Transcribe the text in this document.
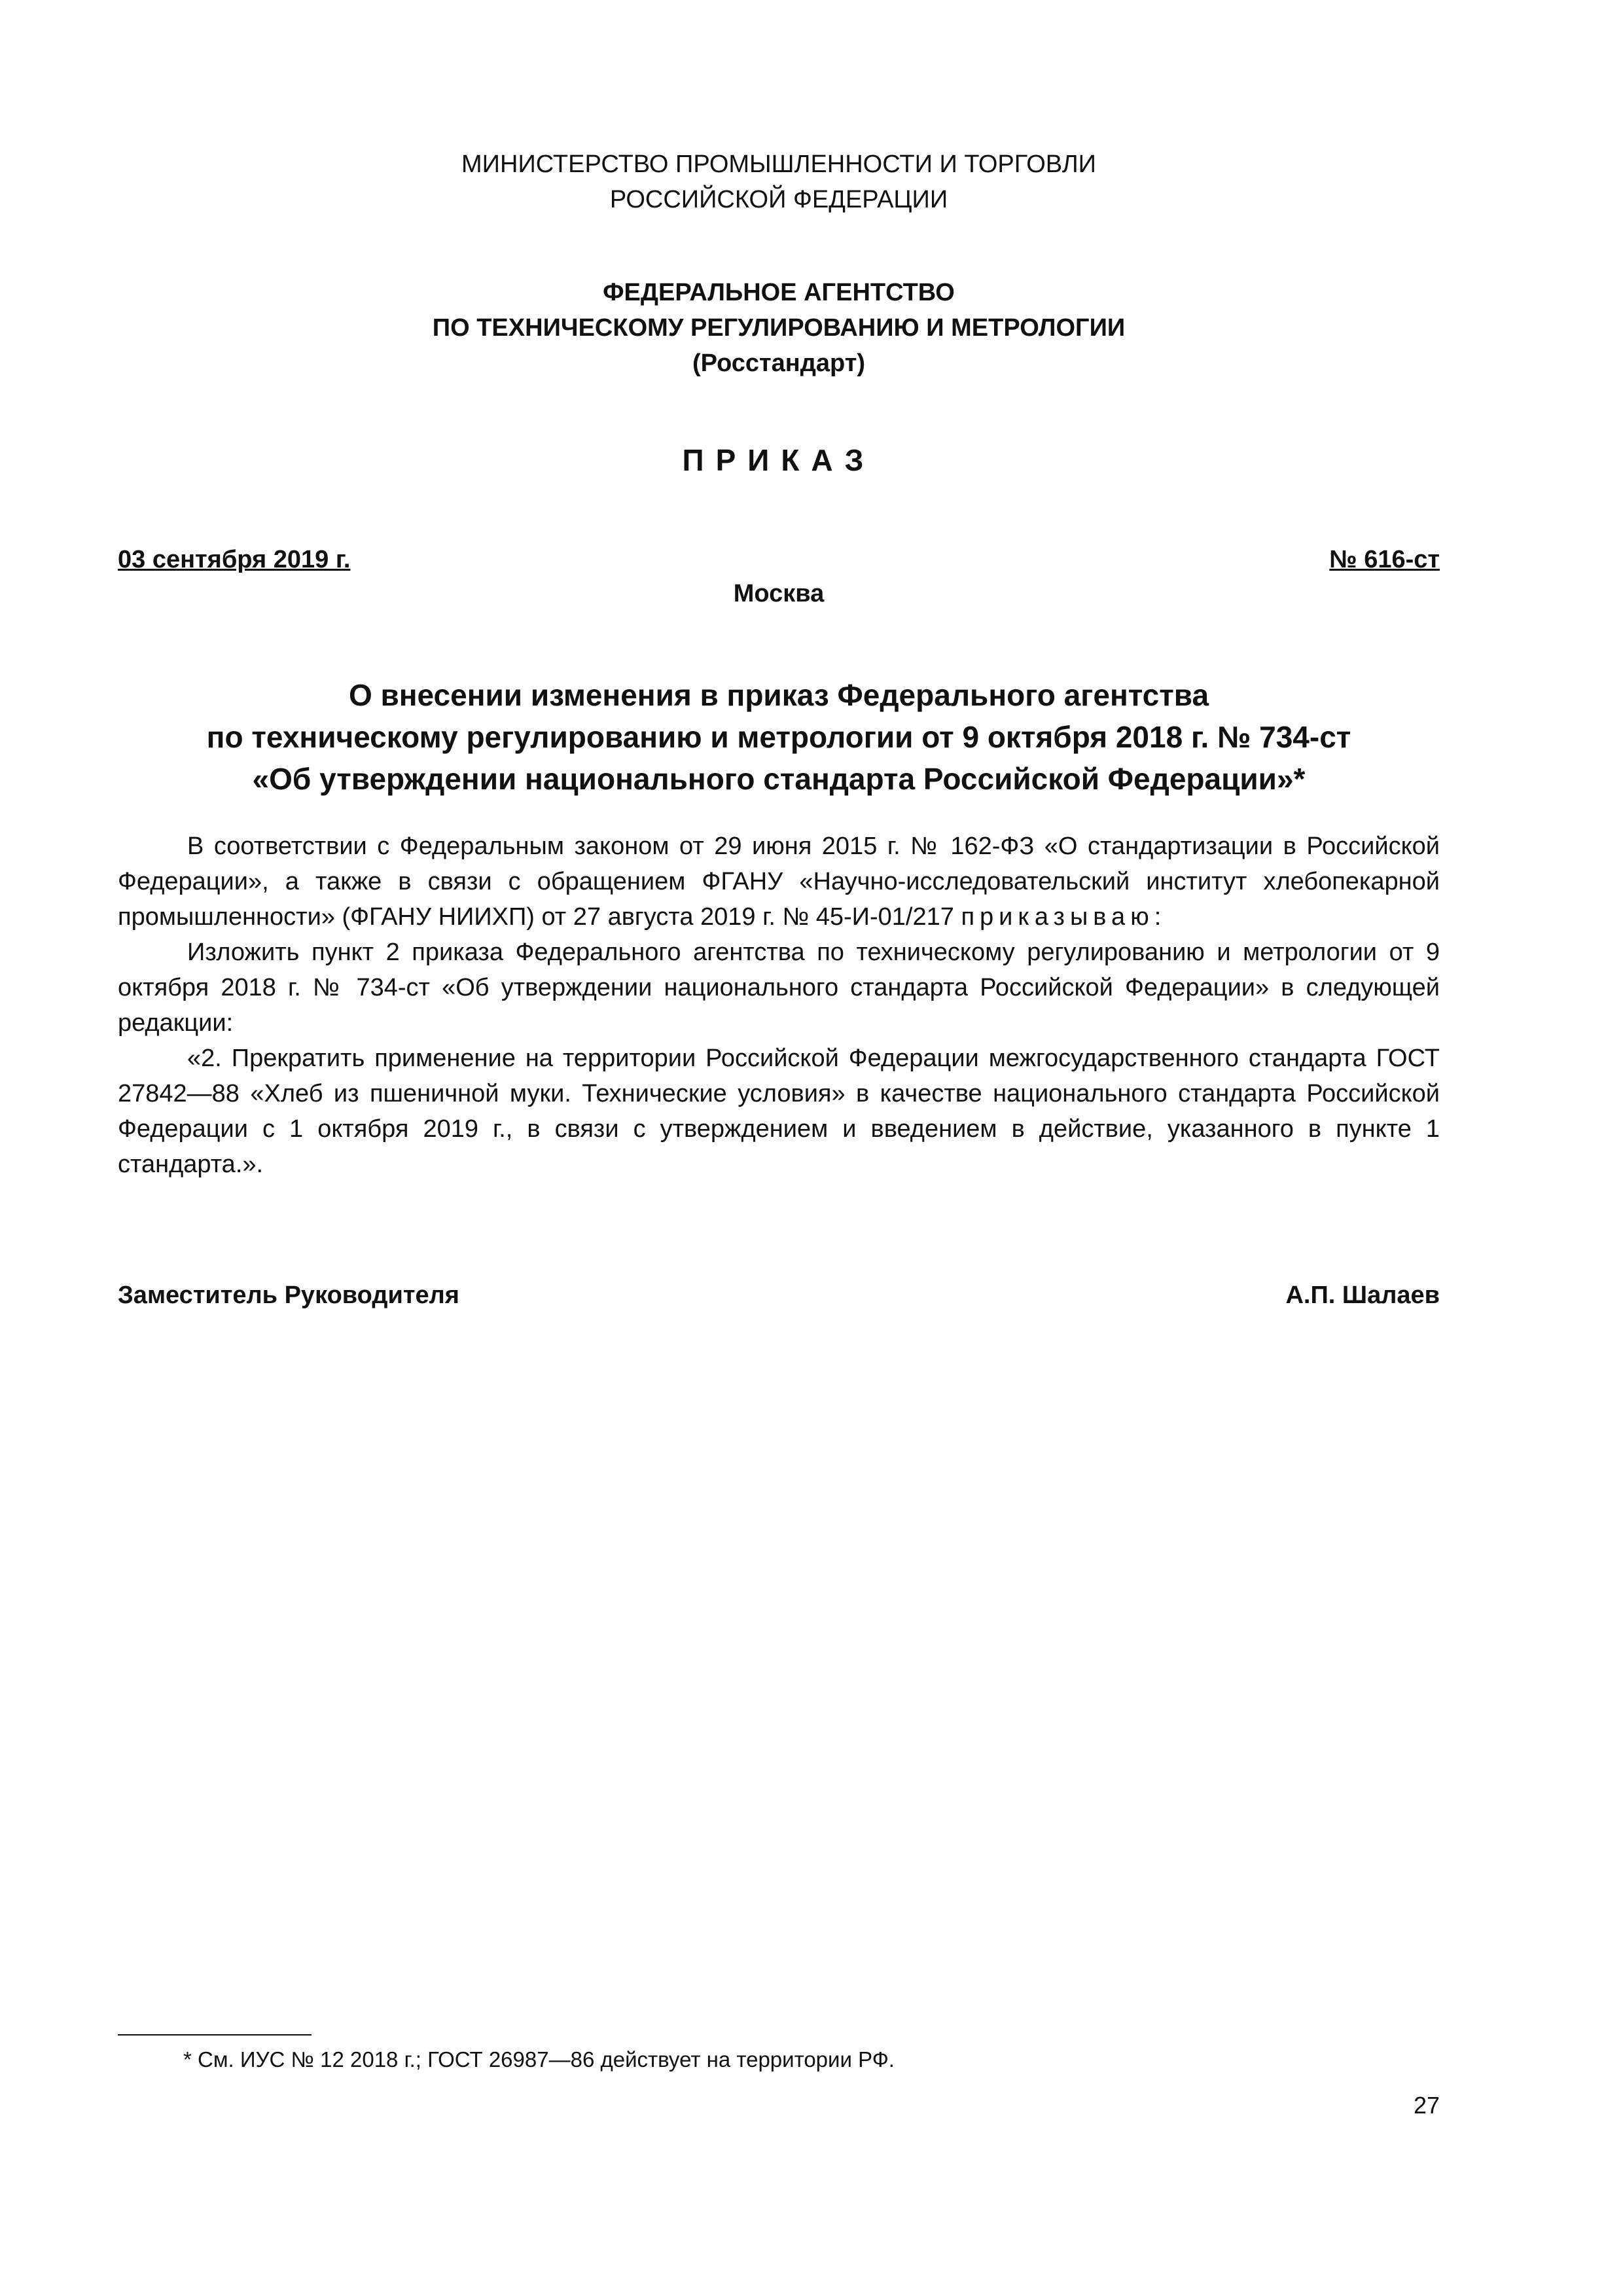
МИНИСТЕРСТВО ПРОМЫШЛЕННОСТИ И ТОРГОВЛИ
РОССИЙСКОЙ ФЕДЕРАЦИИ
ФЕДЕРАЛЬНОЕ АГЕНТСТВО
ПО ТЕХНИЧЕСКОМУ РЕГУЛИРОВАНИЮ И МЕТРОЛОГИИ
(Росстандарт)
ПРИКАЗ
03 сентября 2019 г.	№ 616-ст
Москва
О внесении изменения в приказ Федерального агентства
по техническому регулированию и метрологии от 9 октября 2018 г. № 734-ст
«Об утверждении национального стандарта Российской Федерации»*

В соответствии с Федеральным законом от 29 июня 2015 г. № 162-ФЗ «О стандартизации в Российской Федерации», а также в связи с обращением ФГАНУ «Научно-исследовательский институт хлебопекарной промышленности» (ФГАНУ НИИХП) от 27 августа 2019 г. № 45-И-01/217 приказываю:

Изложить пункт 2 приказа Федерального агентства по техническому регулированию и метрологии от 9 октября 2018 г. № 734-ст «Об утверждении национального стандарта Российской Федерации» в следующей редакции:

«2. Прекратить применение на территории Российской Федерации межгосударственного стандарта ГОСТ 27842—88 «Хлеб из пшеничной муки. Технические условия» в качестве национального стандарта Российской Федерации с 1 октября 2019 г., в связи с утверждением и введением в действие, указанного в пункте 1 стандарта.».

Заместитель Руководителя	А.П. Шалаев
* См. ИУС № 12 2018 г.; ГОСТ 26987—86 действует на территории РФ.
27
